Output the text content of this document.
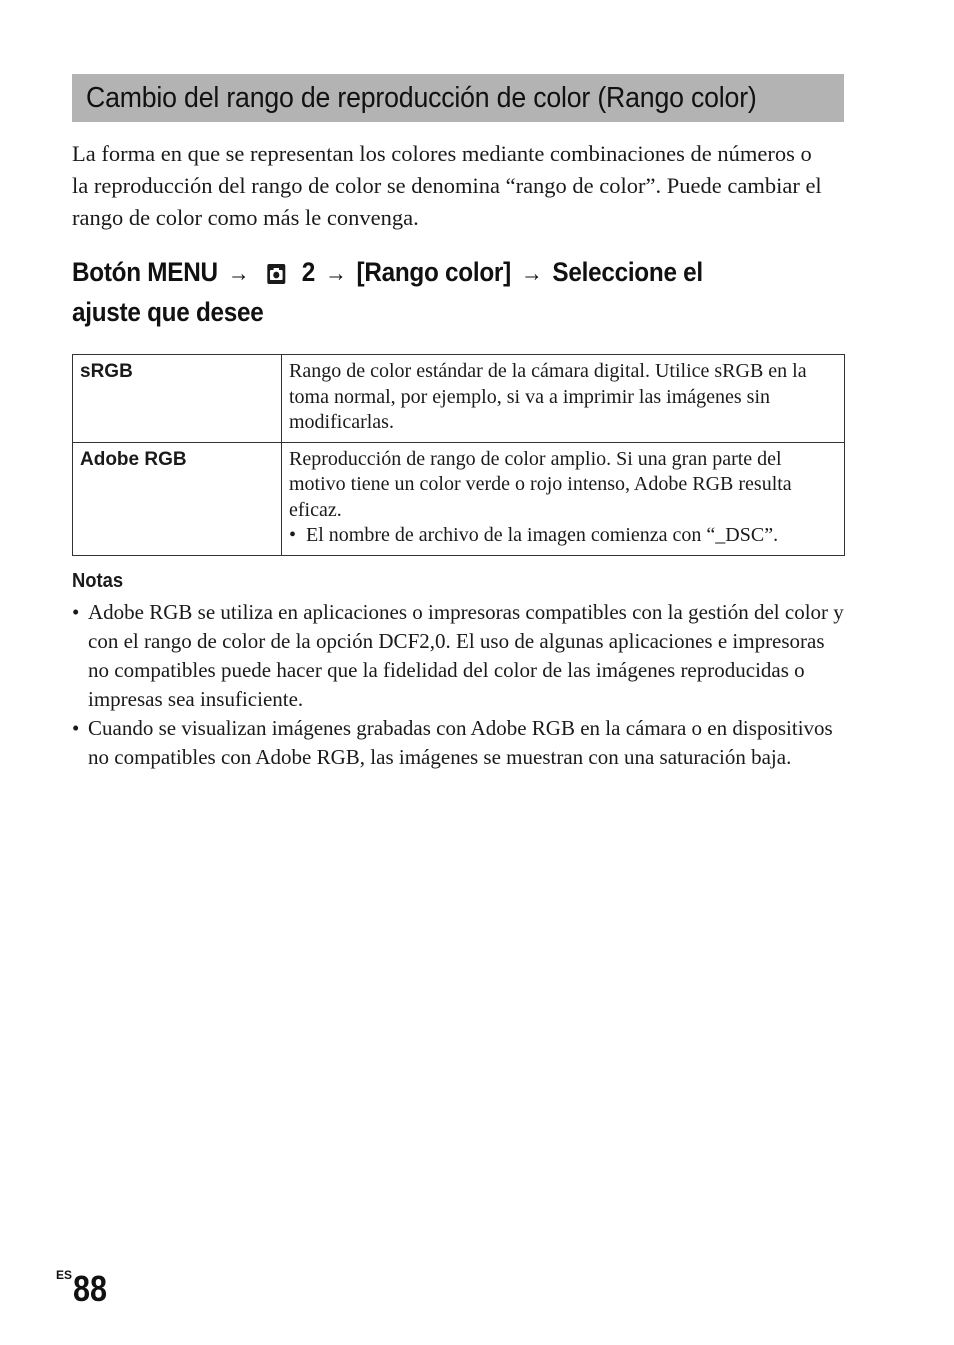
Cambio del rango de reproducción de color (Rango color)

La forma en que se representan los colores mediante combinaciones de números o la reproducción del rango de color se denomina “rango de color”. Puede cambiar el rango de color como más le convenga.

Botón MENU → 2 → [Rango color] → Seleccione el ajuste que desee

sRGB	Rango de color estándar de la cámara digital. Utilice sRGB en la toma normal, por ejemplo, si va a imprimir las imágenes sin modificarlas.
Adobe RGB	Reproducción de rango de color amplio. Si una gran parte del motivo tiene un color verde o rojo intenso, Adobe RGB resulta eficaz.
•  El nombre de archivo de la imagen comienza con “_DSC”.

Notas

• Adobe RGB se utiliza en aplicaciones o impresoras compatibles con la gestión del color y con el rango de color de la opción DCF2,0. El uso de algunas aplicaciones e impresoras no compatibles puede hacer que la fidelidad del color de las imágenes reproducidas o impresas sea insuficiente.
• Cuando se visualizan imágenes grabadas con Adobe RGB en la cámara o en dispositivos no compatibles con Adobe RGB, las imágenes se muestran con una saturación baja.
$^{ES}$88
